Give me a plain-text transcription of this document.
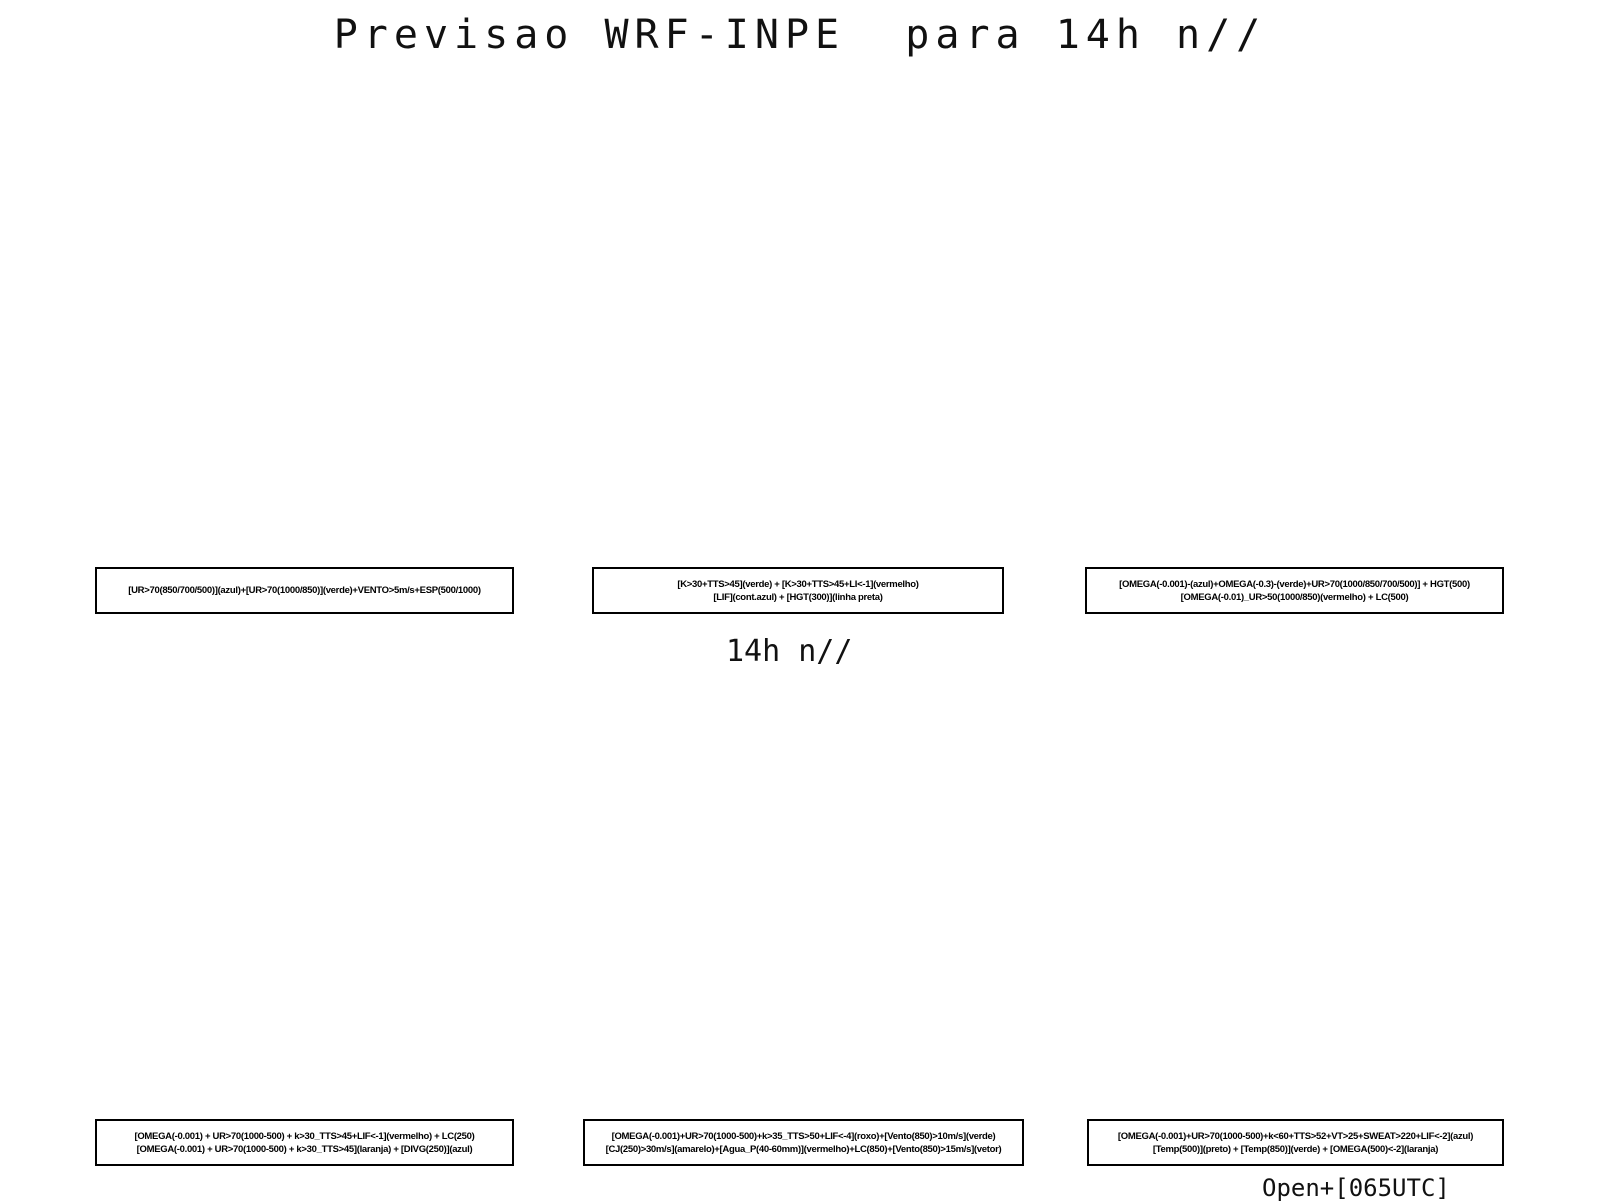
Previsao WRF-INPE  para 14h n//
[UR>70(850/700/500)](azul)+[UR>70(1000/850)](verde)+VENTO>5m/s+ESP(500/1000)
[K>30+TTS>45](verde) + [K>30+TTS>45+LI<-1](vermelho)
[LIF](cont.azul) + [HGT(300)](linha preta)
[OMEGA(-0.001)-(azul)+OMEGA(-0.3)-(verde)+UR>70(1000/850/700/500)] + HGT(500)
[OMEGA(-0.01)_UR>50(1000/850)(vermelho) + LC(500)
14h n//
[OMEGA(-0.001) + UR>70(1000-500) + k>30_TTS>45+LIF<-1](vermelho) + LC(250)
[OMEGA(-0.001) + UR>70(1000-500) + k>30_TTS>45](laranja) + [DIVG(250)](azul)
[OMEGA(-0.001)+UR>70(1000-500)+k>35_TTS>50+LIF<-4](roxo)+[Vento(850)>10m/s](verde)
[CJ(250)>30m/s](amarelo)+[Agua_P(40-60mm)](vermelho)+LC(850)+[Vento(850)>15m/s](vetor)
[OMEGA(-0.001)+UR>70(1000-500)+k<60+TTS>52+VT>25+SWEAT>220+LIF<-2](azul)
[Temp(500)](preto) + [Temp(850)](verde) + [OMEGA(500)<-2](laranja)
Open+[065UTC]
